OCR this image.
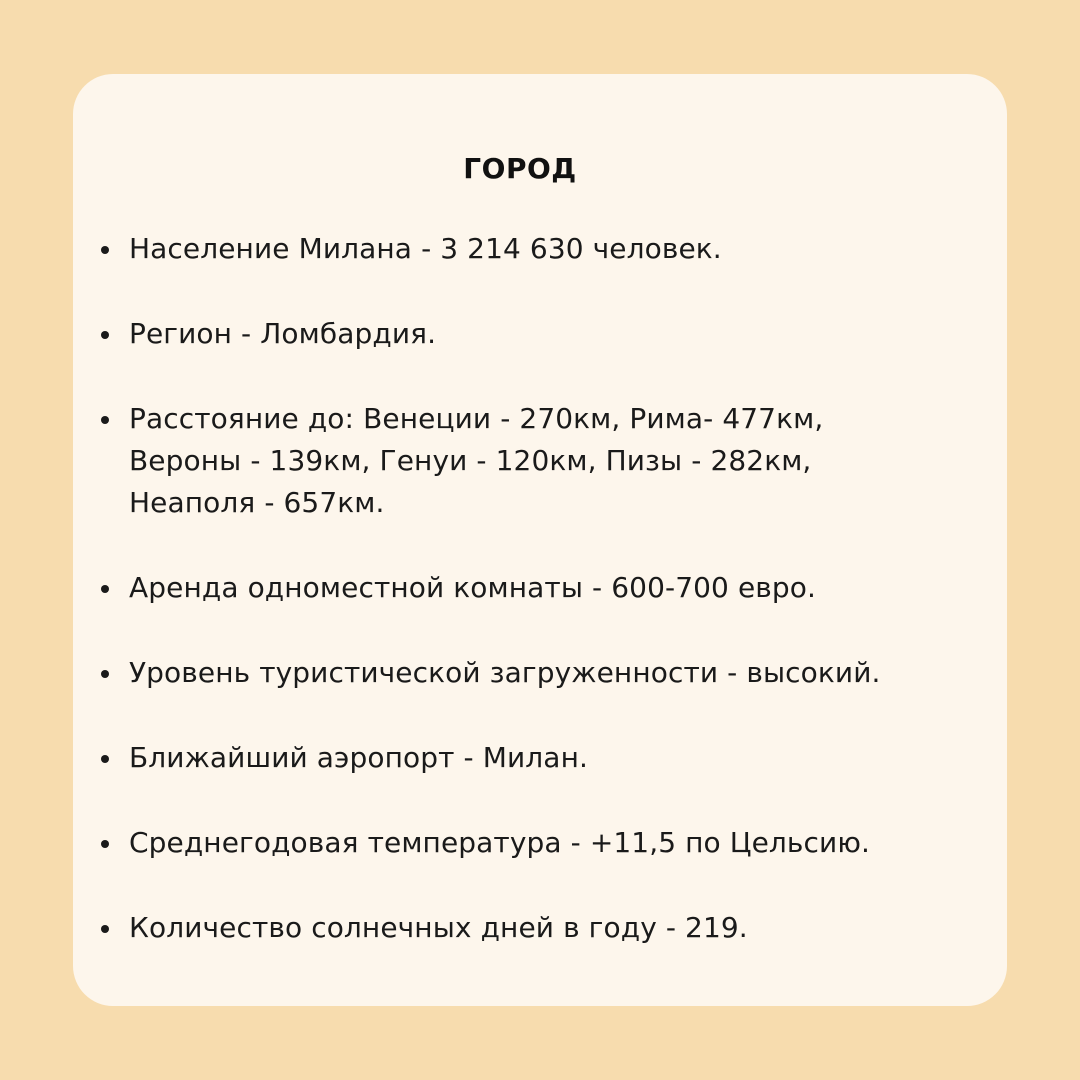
ГОРОД
Население Милана - 3 214 630 человек.
Регион - Ломбардия.
Расстояние до: Венеции - 270км, Рима- 477км,
Вероны - 139км, Генуи - 120км, Пизы - 282км,
Неаполя - 657км.
Аренда одноместной комнаты - 600-700 евро.
Уровень туристической загруженности - высокий.
Ближайший аэропорт - Милан.
Среднегодовая температура - +11,5 по Цельсию.
Количество солнечных дней в году - 219.
